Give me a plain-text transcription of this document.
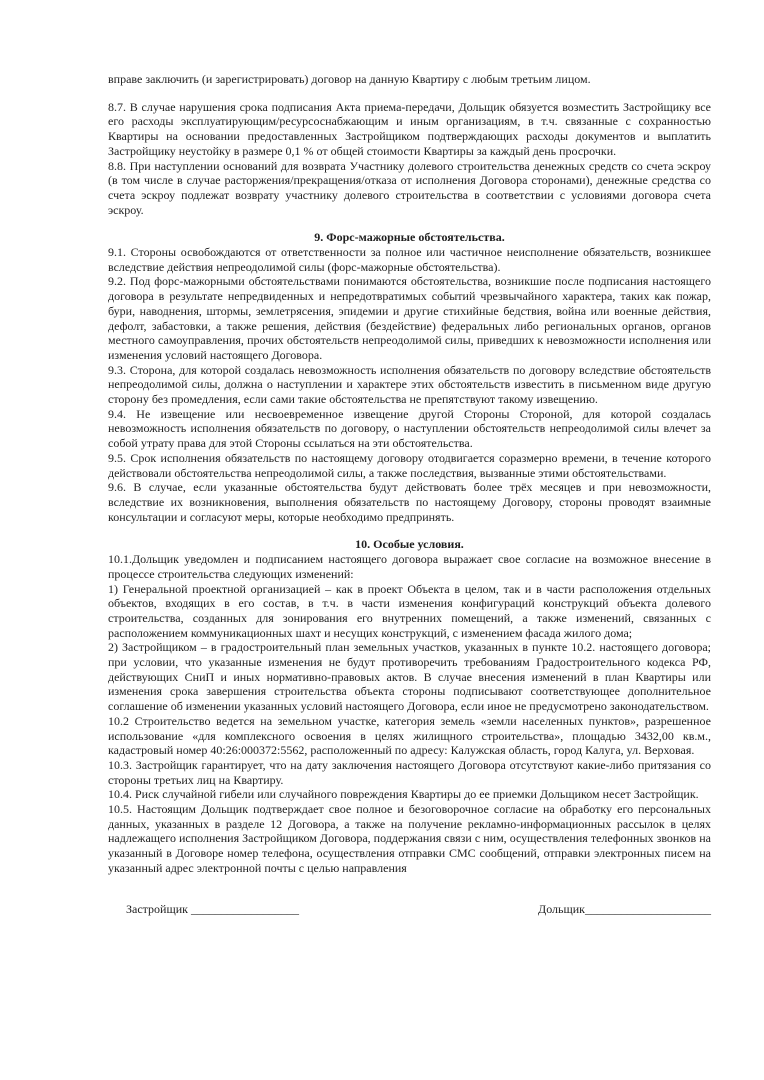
вправе заключить (и зарегистрировать) договор на данную Квартиру с любым третьим лицом.

8.7. В случае нарушения срока подписания Акта приема-передачи, Дольщик обязуется возместить Застройщику все его расходы эксплуатирующим/ресурсоснабжающим и иным организациям, в т.ч. связанные с сохранностью Квартиры на основании предоставленных Застройщиком подтверждающих расходы документов и выплатить Застройщику неустойку в размере 0,1 % от общей стоимости Квартиры за каждый день просрочки.

8.8. При наступлении оснований для возврата Участнику долевого строительства денежных средств со счета эскроу (в том числе в случае расторжения/прекращения/отказа от исполнения Договора сторонами), денежные средства со счета эскроу подлежат возврату участнику долевого строительства в соответствии с условиями договора счета эскроу.

9. Форс-мажорные обстоятельства.

9.1. Стороны освобождаются от ответственности за полное или частичное неисполнение обязательств, возникшее вследствие действия непреодолимой силы (форс-мажорные обстоятельства).

9.2. Под форс-мажорными обстоятельствами понимаются обстоятельства, возникшие после подписания настоящего договора в результате непредвиденных и непредотвратимых событий чрезвычайного характера, таких как пожар, бури, наводнения, штормы, землетрясения, эпидемии и другие стихийные бедствия, война или военные действия, дефолт, забастовки, а также решения, действия (бездействие) федеральных либо региональных органов, органов местного самоуправления, прочих обстоятельств непреодолимой силы, приведших к невозможности исполнения или изменения условий настоящего Договора.

9.3. Сторона, для которой создалась невозможность исполнения обязательств по договору вследствие обстоятельств непреодолимой силы, должна о наступлении и характере этих обстоятельств известить в письменном виде другую сторону без промедления, если сами такие обстоятельства не препятствуют такому извещению.

9.4. Не извещение или несвоевременное извещение другой Стороны Стороной, для которой создалась невозможность исполнения обязательств по договору, о наступлении обстоятельств непреодолимой силы влечет за собой утрату права для этой Стороны ссылаться на эти обстоятельства.

9.5. Срок исполнения обязательств по настоящему договору отодвигается соразмерно времени, в течение которого действовали обстоятельства непреодолимой силы, а также последствия, вызванные этими обстоятельствами.

9.6. В случае, если указанные обстоятельства будут действовать более трёх месяцев и при невозможности, вследствие их возникновения, выполнения обязательств по настоящему Договору, стороны проводят взаимные консультации и согласуют меры, которые необходимо предпринять.

10. Особые условия.

10.1.Дольщик уведомлен и подписанием настоящего договора выражает свое согласие на возможное внесение в процессе строительства следующих изменений:

1) Генеральной проектной организацией – как в проект Объекта в целом, так и в части расположения отдельных объектов, входящих в его состав, в т.ч. в части изменения конфигураций конструкций объекта долевого строительства, созданных для зонирования его внутренних помещений, а также изменений, связанных с расположением коммуникационных шахт и несущих конструкций, с изменением фасада жилого дома;

2) Застройщиком – в градостроительный план земельных участков, указанных в пункте 10.2. настоящего договора; при условии, что указанные изменения не будут противоречить требованиям Градостроительного кодекса РФ, действующих СниП и иных нормативно-правовых актов. В случае внесения изменений в план Квартиры или изменения срока завершения строительства объекта стороны подписывают соответствующее дополнительное соглашение об изменении указанных условий настоящего Договора, если иное не предусмотрено законодательством.

10.2 Строительство ведется на земельном участке, категория земель «земли населенных пунктов», разрешенное использование «для комплексного освоения в целях жилищного строительства», площадью 3432,00 кв.м., кадастровый номер 40:26:000372:5562, расположенный по адресу: Калужская область, город Калуга, ул. Верховая.

10.3. Застройщик гарантирует, что на дату заключения настоящего Договора отсутствуют какие-либо притязания со стороны третьих лиц на Квартиру.

10.4. Риск случайной гибели или случайного повреждения Квартиры до ее приемки Дольщиком несет Застройщик.

10.5. Настоящим Дольщик подтверждает свое полное и безоговорочное согласие на обработку его персональных данных, указанных в разделе 12 Договора, а также на получение рекламно-информационных рассылок в целях надлежащего исполнения Застройщиком Договора, поддержания связи с ним, осуществления телефонных звонков на указанный в Договоре номер телефона, осуществления отправки СМС сообщений, отправки электронных писем на указанный адрес электронной почты с целью направления

Застройщик __________________
	Дольщик_____________________
